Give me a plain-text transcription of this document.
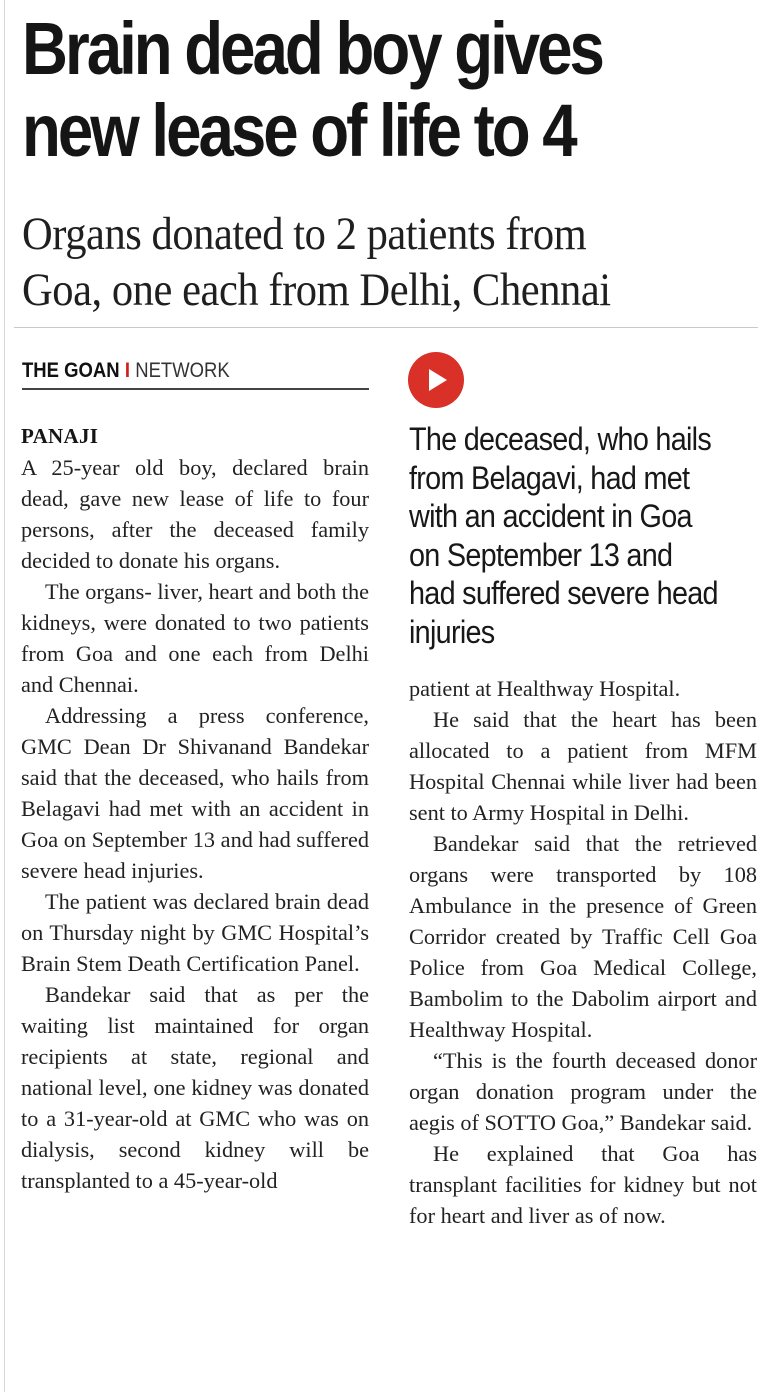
Brain dead boy gives
new lease of life to 4
Organs donated to 2 patients from
Goa, one each from Delhi, Chennai
THE GOAN I NETWORK
PANAJI

A 25-year old boy, declared brain dead, gave new lease of life to four persons, after the deceased family decided to donate his organs.

The organs- liver, heart and both the kidneys, were donated to two patients from Goa and one each from Delhi and Chennai.

Addressing a press conference, GMC Dean Dr Shivanand Bandekar said that the deceased, who hails from Belagavi had met with an accident in Goa on September 13 and had suffered severe head injuries.

The patient was declared brain dead on Thursday night by GMC Hospital’s Brain Stem Death Certification Panel.

Bandekar said that as per the waiting list maintained for organ recipients at state, regional and national level, one kidney was donated to a 31-year-old at GMC who was on dialysis, second kidney will be transplanted to a 45-year-old

The deceased, who hails
from Belagavi, had met
with an accident in Goa
on September 13 and
had suffered severe head
injuries

patient at Healthway Hospital.

He said that the heart has been allocated to a patient from MFM Hospital Chennai while liver had been sent to Army Hospital in Delhi.

Bandekar said that the retrieved organs were transported by 108 Ambulance in the presence of Green Corridor created by Traffic Cell Goa Police from Goa Medical College, Bambolim to the Dabolim airport and Healthway Hospital.

“This is the fourth deceased donor organ donation program under the aegis of SOTTO Goa,” Bandekar said.

He explained that Goa has transplant facilities for kidney but not for heart and liver as of now.
